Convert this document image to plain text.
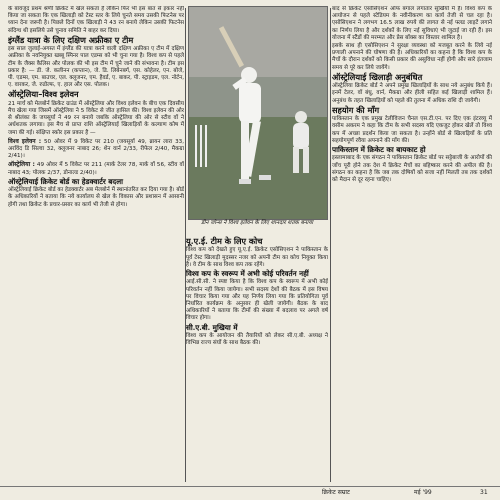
के बावजूद प्रथम श्रेणी क्रिकेट में खेल सकता है लेकिन फिर भी इस बात से इंकार नहीं किया जा सकता कि एक खिलाड़ी को टेस्ट स्तर के लिये चुनते समय उसकी फिटनेस पर ध्यान देना जरूरी है। पिछले दिनों एक खिलाड़ी ने 43 रन बनाये लेकिन उसकी फिटनेस संदिग्ध थी इसलिये उसे चुनाव समिति ने बाहर कर दिया।

इंग्लैंड यात्रा के लिए दक्षिण अफ्रीका ए टीम

इस साल जुलाई-अगस्त में इंग्लैंड की यात्रा करने वाली दक्षिण अफ्रीका ए टीम में दक्षिण अफ्रीका के नवनियुक्त खब्बू स्पिनर पाल एडम्स को भी चुना गया है। विश्व कप से पहले टीम के जैक्स कैलिस और पोलक की भी इस टीम में चुने जाने की संभावना है। टीम इस प्रकार है: — डी. जे. कलीनन (कप्तान), जे. डि. लिबेनबर्ग, एस. कोहेलर, एन. बोजे, पी. एडम्स, एम. बाउचर, एल. क्लूजनर, एम. हैवर्ड, ए. बाकर, पी. स्ट्राइडम, एल. नोर्टन, ए. वारकर, जे. रुडोल्फ, ए. हाल और एस. पोलक।

ऑस्ट्रेलिया–विश्व इलेवन

21 मार्च को मेलबोर्न क्रिकेट ग्राउंड में ऑस्ट्रेलिया और विश्व इलेवन के बीच एक दिवसीय मैच खेला गया जिसमें ऑस्ट्रेलिया ने 5 विकेट से जीत हासिल की। विश्व इलेवन की ओर से श्रीलंका के जयसूर्या ने 49 रन बनाये जबकि ऑस्ट्रेलिया की ओर से स्टीव वॉ ने अर्धशतक लगाया। इस मैच से प्राप्त राशि ऑस्ट्रेलियाई खिलाड़ियों के कल्याण कोष में जमा की गई। संक्षिप्त स्कोर इस प्रकार है —

विश्व इलेवन : 50 ओवर में 9 विकेट पर 210 (जयसूर्या 49, ब्रायन लारा 33, अरविंद डि सिल्वा 32, क्लूजनर नाबाद 26; शेन वार्न 2/33, रीफेल 2/40, मैकग्रा 2/41)।

ऑस्ट्रेलिया : 49 ओवर में 5 विकेट पर 211 (मार्क टेलर 78, मार्क वॉ 56, स्टीव वॉ नाबाद 43; पोलक 2/37, डोनाल्ड 2/40)।

ऑस्ट्रेलियाई क्रिकेट बोर्ड का हेडक्वार्टर बदला

ऑस्ट्रेलियाई क्रिकेट बोर्ड का हेडक्वार्टर अब मेलबोर्न में स्थानांतरित कर दिया गया है। बोर्ड के अधिकारियों ने बताया कि नये कार्यालय से खेल के विकास और प्रशासन में आसानी होगी तथा क्रिकेट के प्रचार-प्रसार का कार्य भी तेजी से होगा।

डीन जोन्स ने विश्व इलेवन के लिए शानदार शतक बनाया
यू.ए.ई. टीम के लिए कोच

विश्व कप को देखते हुए यू.ए.ई. क्रिकेट एसोसिएशन ने पाकिस्तान के पूर्व टेस्ट खिलाड़ी मुदस्सर नजर को अपनी टीम का कोच नियुक्त किया है। वे टीम के साथ विश्व कप तक रहेंगे।

विश्व कप के स्वरूप में अभी कोई परिवर्तन नहीं

आई.सी.सी. ने स्पष्ट किया है कि विश्व कप के स्वरूप में अभी कोई परिवर्तन नहीं किया जायेगा। सभी सदस्य देशों की बैठक में इस विषय पर विचार किया गया और यह निर्णय लिया गया कि प्रतियोगिता पूर्व निर्धारित कार्यक्रम के अनुसार ही खेली जायेगी। बैठक के बाद अधिकारियों ने बताया कि टीमों की संख्या में बदलाव पर अगले वर्ष विचार होगा।

सी.ए.बी. मुखिया में

विश्व कप के आयोजन की तैयारियों को लेकर सी.ए.बी. अध्यक्ष ने विभिन्न राज्य संघों के साथ बैठक की।

बाद से क्रिकेट एसोसिएशन ऑफ बंगाल लगातार सुर्खियों में है। विश्व कप के आयोजन से पहले स्टेडियम के नवीनीकरण का कार्य तेजी से चल रहा है। एसोसिएशन ने लगभग 16.5 लाख रुपये की लागत से नई फ्लड लाइटें लगाने का निर्णय लिया है और दर्शकों के लिए नई सुविधाएं भी जुटाई जा रही हैं। इस योजना में स्टैंडों की मरम्मत और प्रेस बॉक्स का विस्तार शामिल है।

इसके साथ ही एसोसिएशन ने सुरक्षा व्यवस्था को मजबूत करने के लिये नई प्रणाली अपनाने की घोषणा की है। अधिकारियों का कहना है कि विश्व कप के मैचों के दौरान दर्शकों को किसी प्रकार की असुविधा नहीं होगी और सारे इंतजाम समय से पूरे कर लिये जायेंगे।

ऑस्ट्रेलियाई खिलाड़ी अनुबंधित

ऑस्ट्रेलिया क्रिकेट बोर्ड ने अपने प्रमुख खिलाड़ियों के साथ नये अनुबंध किये हैं। इनमें टेलर, वॉ बंधु, वार्न, मैकग्रा और हीली सहित कई खिलाड़ी शामिल हैं। अनुबंध के तहत खिलाड़ियों को पहले की तुलना में अधिक राशि दी जायेगी।

सहयोग की माँग

पाकिस्तान के एक प्रमुख टेलीविजन चैनल एस.टी.एन. पर दिए एक इंटरव्यू में वसीम अकरम ने कहा कि टीम के सभी सदस्य यदि एकजुट होकर खेलें तो विश्व कप में अच्छा प्रदर्शन किया जा सकता है। उन्होंने बोर्ड से खिलाड़ियों के प्रति सहयोगपूर्ण रवैया अपनाने की माँग की।

पाकिस्तान में क्रिकेट का बायकाट हो

इस्लामाबाद के एक संगठन ने पाकिस्तान क्रिकेट बोर्ड पर सट्टेबाजी के आरोपों की जाँच पूरी होने तक देश में क्रिकेट मैचों का बहिष्कार करने की अपील की है। संगठन का कहना है कि जब तक दोषियों को सजा नहीं मिलती तब तक दर्शकों को मैदान से दूर रहना चाहिए।

क्रिकेट सम्राट	मई '99	31
